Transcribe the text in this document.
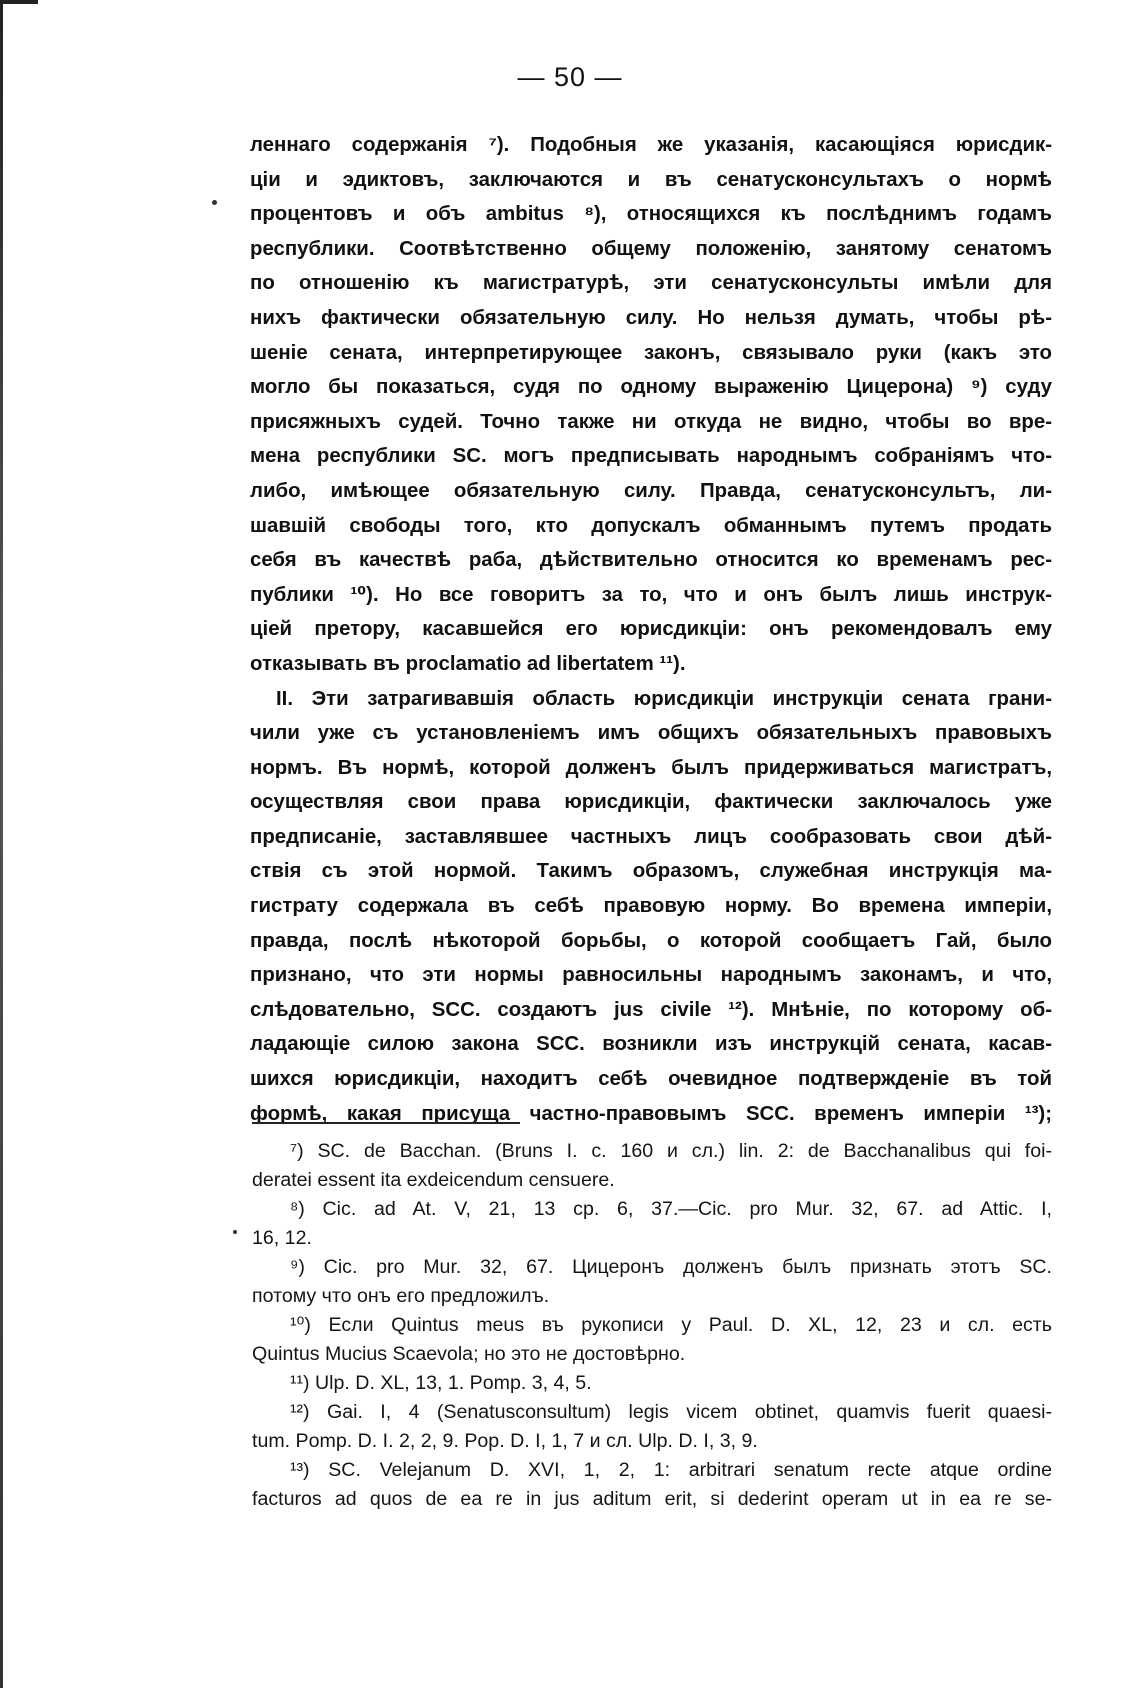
— 50 —
леннаго содержанія ⁷). Подобныя же указанія, касающіяся юрисдик-
ціи и эдиктовъ, заключаются и въ сенатусконсультахъ о нормѣ
процентовъ и объ ambitus ⁸), относящихся къ послѣднимъ годамъ
республики. Соотвѣтственно общему положенію, занятому сенатомъ
по отношенію къ магистратурѣ, эти сенатусконсульты имѣли для
нихъ фактически обязательную силу. Но нельзя думать, чтобы рѣ-
шеніе сената, интерпретирующее законъ, связывало руки (какъ это
могло бы показаться, судя по одному выраженію Цицерона) ⁹) суду
присяжныхъ судей. Точно также ни откуда не видно, чтобы во вре-
мена республики SC. могъ предписывать народнымъ собраніямъ что-
либо, имѣющее обязательную силу. Правда, сенатусконсультъ, ли-
шавшій свободы того, кто допускалъ обманнымъ путемъ продать
себя въ качествѣ раба, дѣйствительно относится ко временамъ рес-
публики ¹⁰). Но все говоритъ за то, что и онъ былъ лишь инструк-
ціей претору, касавшейся его юрисдикціи: онъ рекомендовалъ ему
отказывать въ proclamatio ad libertatem ¹¹).
II. Эти затрагивавшія область юрисдикціи инструкціи сената грани-
чили уже съ установленіемъ имъ общихъ обязательныхъ правовыхъ
нормъ. Въ нормѣ, которой долженъ былъ придерживаться магистратъ,
осуществляя свои права юрисдикціи, фактически заключалось уже
предписаніе, заставлявшее частныхъ лицъ сообразовать свои дѣй-
ствія съ этой нормой. Такимъ образомъ, служебная инструкція ма-
гистрату содержала въ себѣ правовую норму. Во времена имперіи,
правда, послѣ нѣкоторой борьбы, о которой сообщаетъ Гай, было
признано, что эти нормы равносильны народнымъ законамъ, и что,
слѣдовательно, SCC. создаютъ jus civile ¹²). Мнѣніе, по которому об-
ладающіе силою закона SCC. возникли изъ инструкцій сената, касав-
шихся юрисдикціи, находитъ себѣ очевидное подтвержденіе въ той
формѣ, какая присуща частно-правовымъ SCC. временъ имперіи ¹³);
⁷) SC. de Bacchan. (Bruns I. c. 160 и сл.) lin. 2: de Bacchanalibus qui foi-
deratei essent ita exdeicendum censuere.
⁸) Cic. ad At. V, 21, 13 ср. 6, 37.—Cic. pro Mur. 32, 67. ad Attic. I,
16, 12.
⁹) Cic. pro Mur. 32, 67. Цицеронъ долженъ былъ признать этотъ SC.
потому что онъ его предложилъ.
¹⁰) Если Quintus meus въ рукописи у Paul. D. XL, 12, 23 и сл. есть
Quintus Mucius Scaevola; но это не достовѣрно.
¹¹) Ulp. D. XL, 13, 1. Pomp. 3, 4, 5.
¹²) Gai. I, 4 (Senatusconsultum) legis vicem obtinet, quamvis fuerit quaesi-
tum. Pomp. D. I. 2, 2, 9. Pop. D. I, 1, 7 и сл. Ulp. D. I, 3, 9.
¹³) SC. Velejanum D. XVI, 1, 2, 1: arbitrari senatum recte atque ordine
facturos ad quos de ea re in jus aditum erit, si dederint operam ut in ea re se-
